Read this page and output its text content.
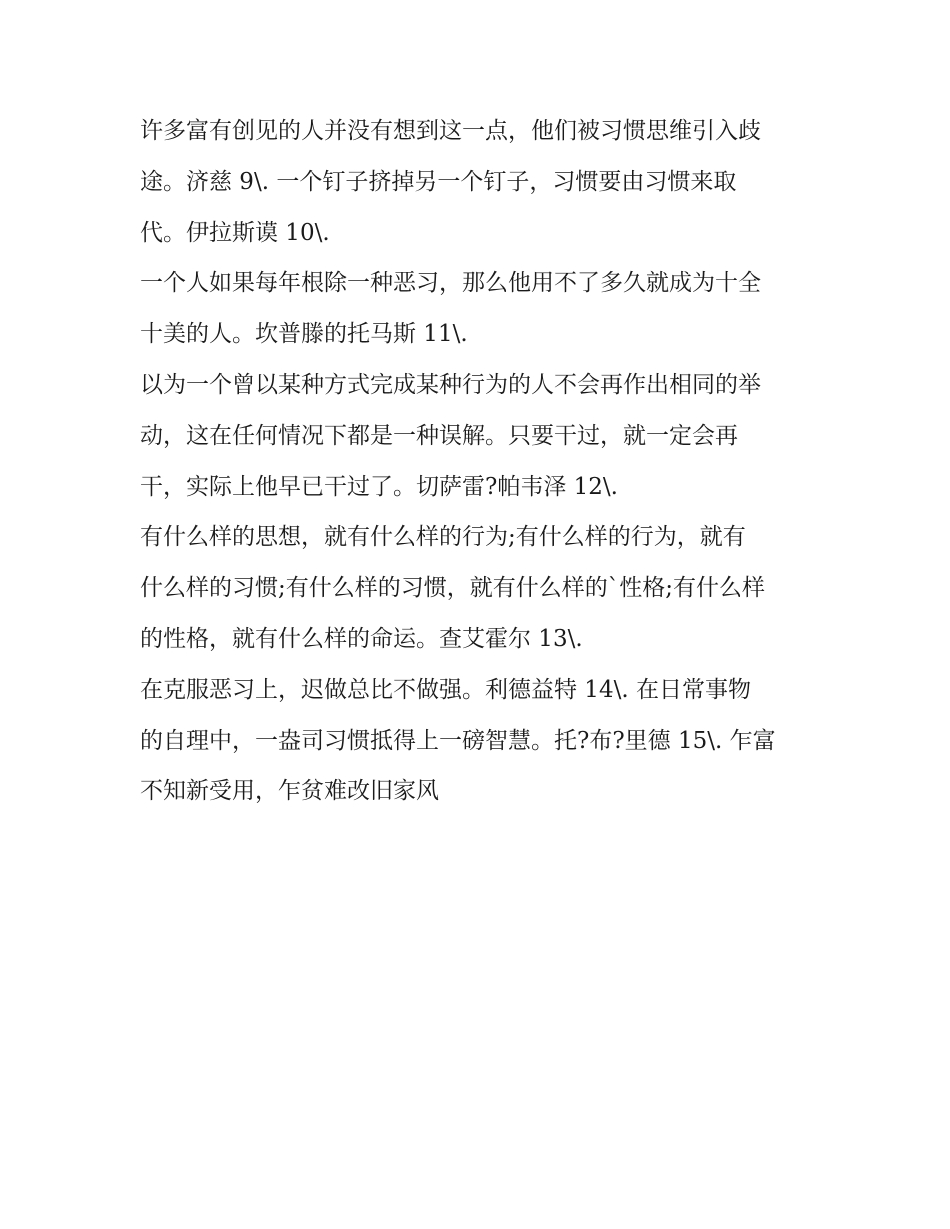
许多富有创见的人并没有想到这一点，他们被习惯思维引入歧
途。济慈 9\. 一个钉子挤掉另一个钉子，习惯要由习惯来取
代。伊拉斯谟 10\.
一个人如果每年根除一种恶习，那么他用不了多久就成为十全
十美的人。坎普滕的托马斯 11\.
以为一个曾以某种方式完成某种行为的人不会再作出相同的举
动，这在任何情况下都是一种误解。只要干过，就一定会再
干，实际上他早已干过了。切萨雷?帕韦泽 12\.
有什么样的思想，就有什么样的行为;有什么样的行为，就有
什么样的习惯;有什么样的习惯，就有什么样的`性格;有什么样
的性格，就有什么样的命运。查艾霍尔 13\.
在克服恶习上，迟做总比不做强。利德益特 14\. 在日常事物
的自理中，一盎司习惯抵得上一磅智慧。托?布?里德 15\. 乍富
不知新受用，乍贫难改旧家风
